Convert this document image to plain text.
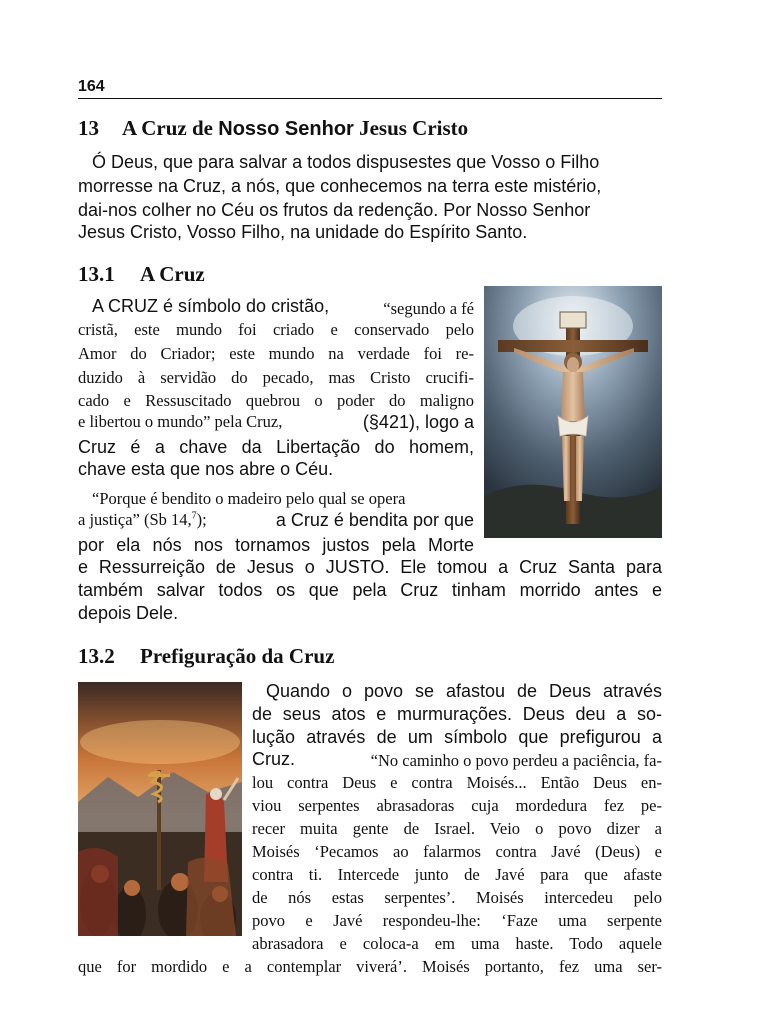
164
13 A Cruz de Nosso Senhor Jesus Cristo
Ó Deus, que para salvar a todos dispusestes que Vosso o Filho
morresse na Cruz, a nós, que conhecemos na terra este mistério,
dai-nos colher no Céu os frutos da redenção. Por Nosso Senhor
Jesus Cristo, Vosso Filho, na unidade do Espírito Santo.
13.1 A Cruz
A CRUZ é símbolo do cristão,	“segundo a fé
cristã, este mundo foi criado e conservado pelo
Amor do Criador; este mundo na verdade foi re-
duzido à servidão do pecado, mas Cristo crucifi-
cado e Ressuscitado quebrou o poder do maligno
e libertou o mundo” pela Cruz,	(§421), logo a
Cruz é a chave da Libertação do homem,
chave esta que nos abre o Céu.
“Porque é bendito o madeiro pelo qual se opera
a justiça” (Sb 14,$^7$);	a Cruz é bendita por que
por ela nós nos tornamos justos pela Morte
e Ressurreição de Jesus o JUSTO. Ele tomou a Cruz Santa para
também salvar todos os que pela Cruz tinham morrido antes e
depois Dele.
13.2 Prefiguração da Cruz
Quando o povo se afastou de Deus através
de seus atos e murmurações. Deus deu a so-
lução através de um símbolo que prefigurou a
Cruz.	“No caminho o povo perdeu a paciência, fa-
lou contra Deus e contra Moisés... Então Deus en-
viou serpentes abrasadoras cuja mordedura fez pe-
recer muita gente de Israel. Veio o povo dizer a
Moisés ‘Pecamos ao falarmos contra Javé (Deus) e
contra ti. Intercede junto de Javé para que afaste
de nós estas serpentes’. Moisés intercedeu pelo
povo e Javé respondeu-lhe: ‘Faze uma serpente
abrasadora e coloca-a em uma haste. Todo aquele
que for mordido e a contemplar viverá’. Moisés portanto, fez uma ser-
